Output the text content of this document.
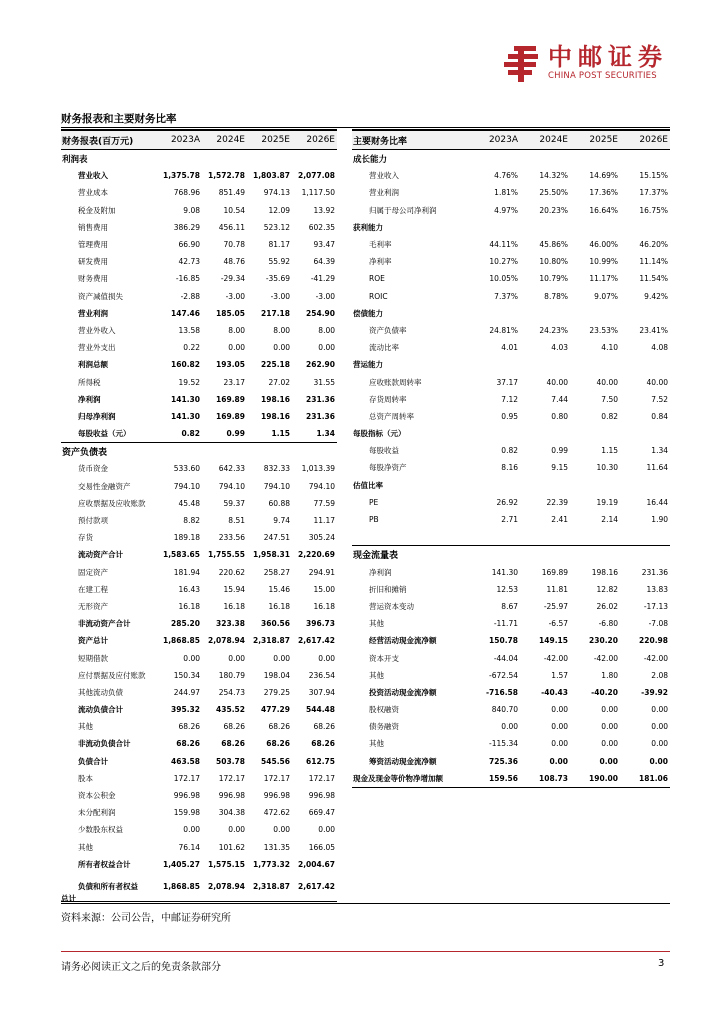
中邮证券
CHINA POST SECURITIES
财务报表和主要财务比率
财务报表(百万元)	2023A	2024E	2025E	2026E
利润表				
营业收入	1,375.78	1,572.78	1,803.87	2,077.08
营业成本	768.96	851.49	974.13	1,117.50
税金及附加	9.08	10.54	12.09	13.92
销售费用	386.29	456.11	523.12	602.35
管理费用	66.90	70.78	81.17	93.47
研发费用	42.73	48.76	55.92	64.39
财务费用	-16.85	-29.34	-35.69	-41.29
资产减值损失	-2.88	-3.00	-3.00	-3.00
营业利润	147.46	185.05	217.18	254.90
营业外收入	13.58	8.00	8.00	8.00
营业外支出	0.22	0.00	0.00	0.00
利润总额	160.82	193.05	225.18	262.90
所得税	19.52	23.17	27.02	31.55
净利润	141.30	169.89	198.16	231.36
归母净利润	141.30	169.89	198.16	231.36
每股收益（元）	0.82	0.99	1.15	1.34
资产负债表				
货币资金	533.60	642.33	832.33	1,013.39
交易性金融资产	794.10	794.10	794.10	794.10
应收票据及应收账款	45.48	59.37	60.88	77.59
预付款项	8.82	8.51	9.74	11.17
存货	189.18	233.56	247.51	305.24
流动资产合计	1,583.65	1,755.55	1,958.31	2,220.69
固定资产	181.94	220.62	258.27	294.91
在建工程	16.43	15.94	15.46	15.00
无形资产	16.18	16.18	16.18	16.18
非流动资产合计	285.20	323.38	360.56	396.73
资产总计	1,868.85	2,078.94	2,318.87	2,617.42
短期借款	0.00	0.00	0.00	0.00
应付票据及应付账款	150.34	180.79	198.04	236.54
其他流动负债	244.97	254.73	279.25	307.94
流动负债合计	395.32	435.52	477.29	544.48
其他	68.26	68.26	68.26	68.26
非流动负债合计	68.26	68.26	68.26	68.26
负债合计	463.58	503.78	545.56	612.75
股本	172.17	172.17	172.17	172.17
资本公积金	996.98	996.98	996.98	996.98
未分配利润	159.98	304.38	472.62	669.47
少数股东权益	0.00	0.00	0.00	0.00
其他	76.14	101.62	131.35	166.05
所有者权益合计	1,405.27	1,575.15	1,773.32	2,004.67
负债和所有者权益	1,868.85	2,078.94	2,318.87	2,617.42
主要财务比率	2023A	2024E	2025E	2026E
成长能力				
营业收入	4.76%	14.32%	14.69%	15.15%
营业利润	1.81%	25.50%	17.36%	17.37%
归属于母公司净利润	4.97%	20.23%	16.64%	16.75%
获利能力				
毛利率	44.11%	45.86%	46.00%	46.20%
净利率	10.27%	10.80%	10.99%	11.14%
ROE	10.05%	10.79%	11.17%	11.54%
ROIC	7.37%	8.78%	9.07%	9.42%
偿债能力				
资产负债率	24.81%	24.23%	23.53%	23.41%
流动比率	4.01	4.03	4.10	4.08
营运能力				
应收账款周转率	37.17	40.00	40.00	40.00
存货周转率	7.12	7.44	7.50	7.52
总资产周转率	0.95	0.80	0.82	0.84
每股指标（元）				
每股收益	0.82	0.99	1.15	1.34
每股净资产	8.16	9.15	10.30	11.64
估值比率				
PE	26.92	22.39	19.19	16.44
PB	2.71	2.41	2.14	1.90

现金流量表				
净利润	141.30	169.89	198.16	231.36
折旧和摊销	12.53	11.81	12.82	13.83
营运资本变动	8.67	-25.97	26.02	-17.13
其他	-11.71	-6.57	-6.80	-7.08
经营活动现金流净额	150.78	149.15	230.20	220.98
资本开支	-44.04	-42.00	-42.00	-42.00
其他	-672.54	1.57	1.80	2.08
投资活动现金流净额	-716.58	-40.43	-40.20	-39.92
股权融资	840.70	0.00	0.00	0.00
债务融资	0.00	0.00	0.00	0.00
其他	-115.34	0.00	0.00	0.00
筹资活动现金流净额	725.36	0.00	0.00	0.00
现金及现金等价物净增加额	159.56	108.73	190.00	181.06
总计
资料来源：公司公告，中邮证券研究所
请务必阅读正文之后的免责条款部分	3
